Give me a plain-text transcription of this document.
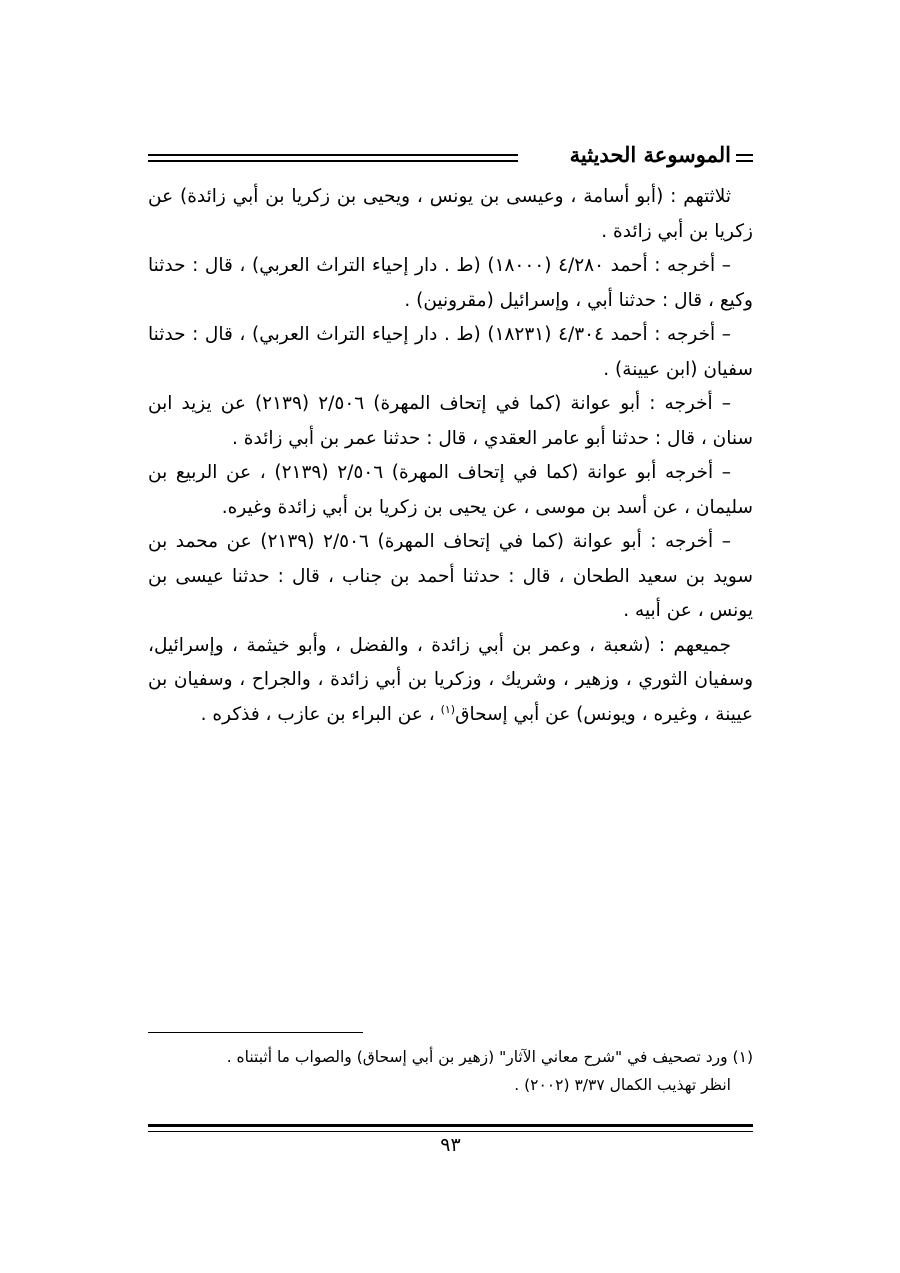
الموسوعة الحديثية

ثلاثتهم : (أبو أسامة ، وعيسى بن يونس ، ويحيى بن زكريا بن أبي زائدة) عن زكريا بن أبي زائدة .

– أخرجه : أحمد ٤/٢٨٠ (١٨٠٠٠) (ط . دار إحياء التراث العربي) ، قال : حدثنا وكيع ، قال : حدثنا أبي ، وإسرائيل (مقرونين) .

– أخرجه : أحمد ٤/٣٠٤ (١٨٢٣١) (ط . دار إحياء التراث العربي) ، قال : حدثنا سفيان (ابن عيينة) .

– أخرجه : أبو عوانة (كما في إتحاف المهرة) ٢/٥٠٦ (٢١٣٩) عن يزيد ابن سنان ، قال : حدثنا أبو عامر العقدي ، قال : حدثنا عمر بن أبي زائدة .

– أخرجه أبو عوانة (كما في إتحاف المهرة) ٢/٥٠٦ (٢١٣٩) ، عن الربيع بن سليمان ، عن أسد بن موسى ، عن يحيى بن زكريا بن أبي زائدة وغيره.

– أخرجه : أبو عوانة (كما في إتحاف المهرة) ٢/٥٠٦ (٢١٣٩) عن محمد بن سويد بن سعيد الطحان ، قال : حدثنا أحمد بن جناب ، قال : حدثنا عيسى بن يونس ، عن أبيه .

جميعهم : (شعبة ، وعمر بن أبي زائدة ، والفضل ، وأبو خيثمة ، وإسرائيل، وسفيان الثوري ، وزهير ، وشريك ، وزكريا بن أبي زائدة ، والجراح ، وسفيان بن عيينة ، وغيره ، ويونس) عن أبي إسحاق$^{(١)}$ ، عن البراء بن عازب ، فذكره .

(١) ورد تصحيف في "شرح معاني الآثار" (زهير بن أبي إسحاق) والصواب ما أثبتناه .

انظر تهذيب الكمال ٣/٣٧ (٢٠٠٢) .

٩٣
